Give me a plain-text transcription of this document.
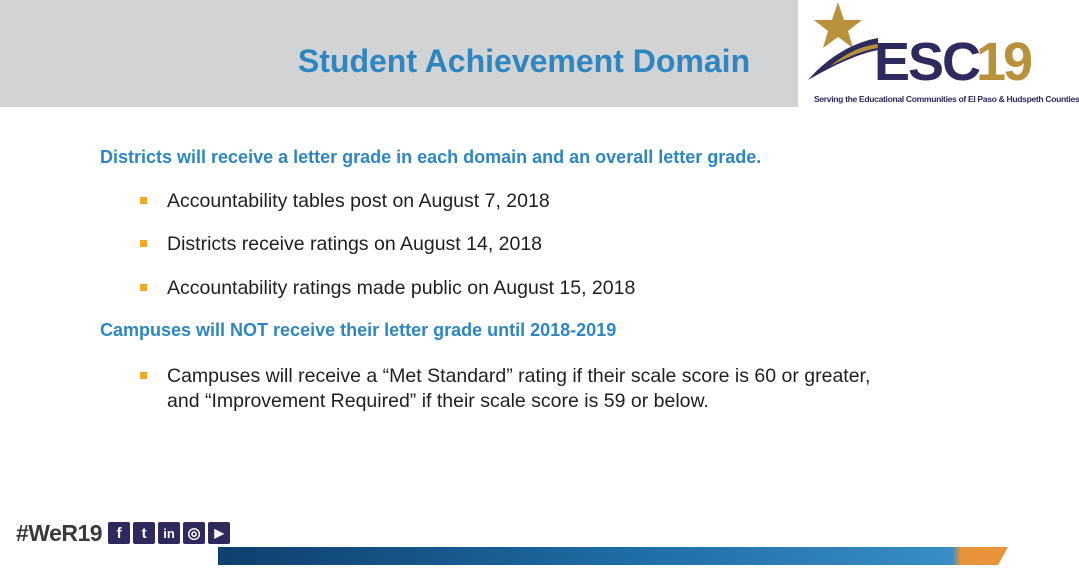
Student Achievement Domain	ESC
19
Serving the Educational Communities of El Paso & Hudspeth Counties
Districts will receive a letter grade in each domain and an overall letter grade.
Accountability tables post on August 7, 2018
Districts receive ratings on August 14, 2018
Accountability ratings made public on August 15, 2018
Campuses will NOT receive their letter grade until 2018-2019
Campuses will receive a “Met Standard” rating if their scale score is 60 or greater, and “Improvement Required” if their scale score is 59 or below.
#WeR19 f	t	in ◎	▶
